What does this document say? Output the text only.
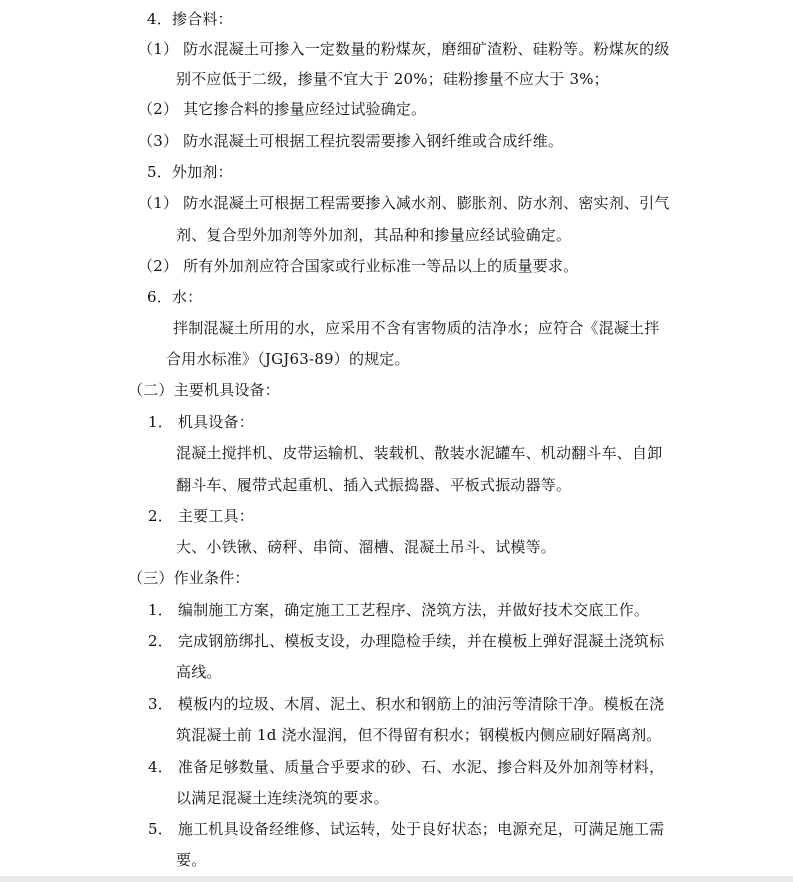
4．掺合料：
（1） 防水混凝土可掺入一定数量的粉煤灰，磨细矿渣粉、硅粉等。粉煤灰的级
别不应低于二级，掺量不宜大于 20%；硅粉掺量不应大于 3%；
（2） 其它掺合料的掺量应经过试验确定。
（3） 防水混凝土可根据工程抗裂需要掺入钢纤维或合成纤维。
5．外加剂：
（1） 防水混凝土可根据工程需要掺入减水剂、膨胀剂、防水剂、密实剂、引气
剂、复合型外加剂等外加剂，其品种和掺量应经试验确定。
（2） 所有外加剂应符合国家或行业标准一等品以上的质量要求。
6．水：
拌制混凝土所用的水，应采用不含有害物质的洁净水；应符合《混凝土拌
合用水标准》（JGJ63-89）的规定。
（二）主要机具设备：
1． 机具设备：
混凝土搅拌机、皮带运输机、装载机、散装水泥罐车、机动翻斗车、自卸
翻斗车、履带式起重机、插入式振捣器、平板式振动器等。
2． 主要工具：
大、小铁锹、磅秤、串筒、溜槽、混凝土吊斗、试模等。
（三）作业条件：
1． 编制施工方案，确定施工工艺程序、浇筑方法，并做好技术交底工作。
2． 完成钢筋绑扎、模板支设，办理隐检手续，并在模板上弹好混凝土浇筑标
高线。
3． 模板内的垃圾、木屑、泥土、积水和钢筋上的油污等清除干净。模板在浇
筑混凝土前 1d 浇水湿润，但不得留有积水；钢模板内侧应刷好隔离剂。
4． 准备足够数量、质量合乎要求的砂、石、水泥、掺合料及外加剂等材料，
以满足混凝土连续浇筑的要求。
5． 施工机具设备经维修、试运转，处于良好状态；电源充足，可满足施工需
要。
